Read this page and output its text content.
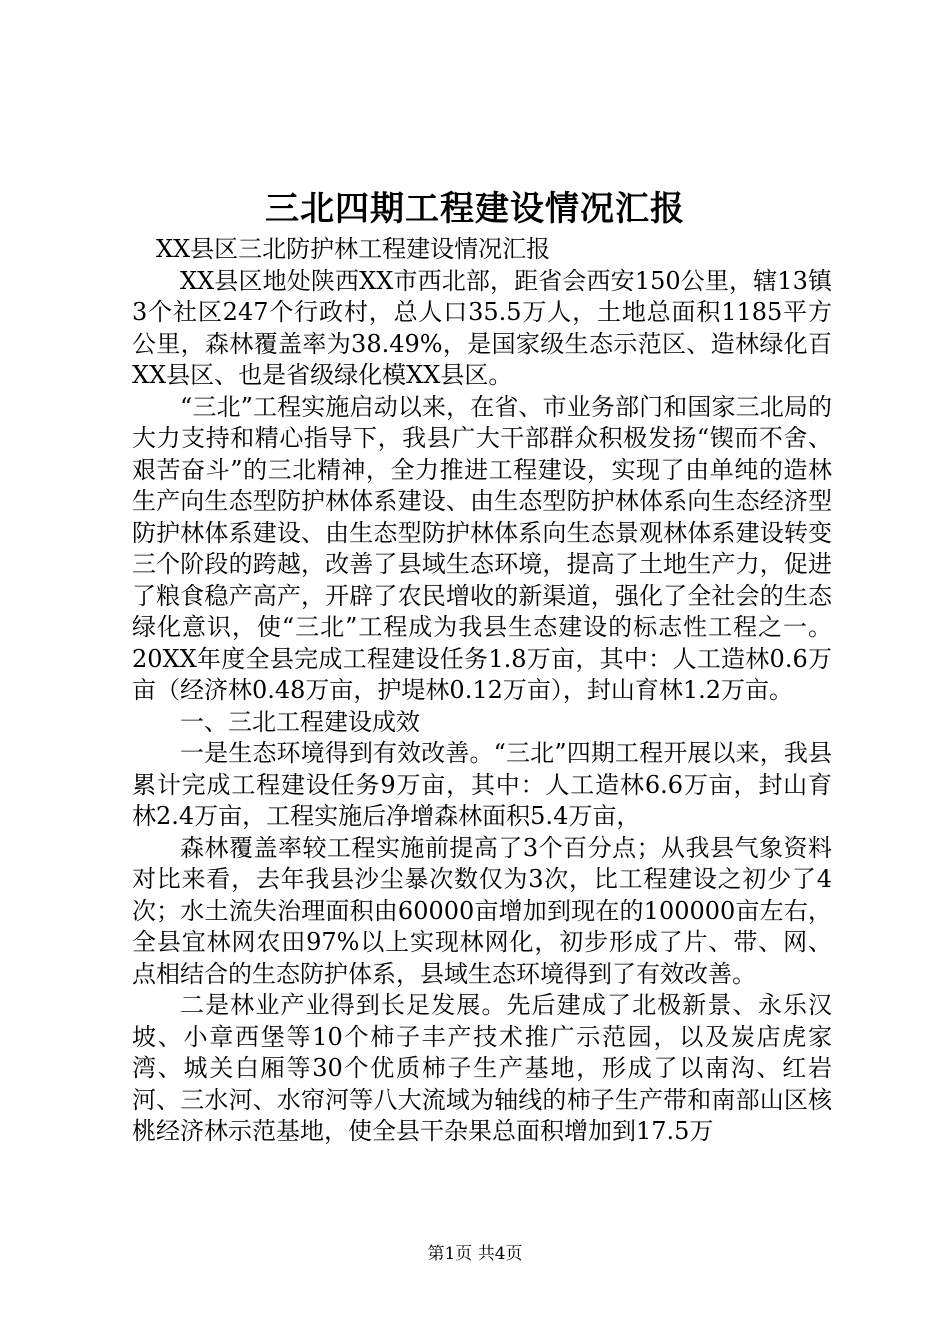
三北四期工程建设情况汇报

XX县区三北防护林工程建设情况汇报

XX县区地处陕西XX市西北部，距省会西安150公里，辖13镇3个社区247个行政村，总人口35.5万人，土地总面积1185平方公里，森林覆盖率为38.49%，是国家级生态示范区、造林绿化百XX县区、也是省级绿化模XX县区。

“三北”工程实施启动以来，在省、市业务部门和国家三北局的大力支持和精心指导下，我县广大干部群众积极发扬“锲而不舍、艰苦奋斗”的三北精神，全力推进工程建设，实现了由单纯的造林生产向生态型防护林体系建设、由生态型防护林体系向生态经济型防护林体系建设、由生态型防护林体系向生态景观林体系建设转变三个阶段的跨越，改善了县域生态环境，提高了土地生产力，促进了粮食稳产高产，开辟了农民增收的新渠道，强化了全社会的生态绿化意识，使“三北”工程成为我县生态建设的标志性工程之一。20XX年度全县完成工程建设任务1.8万亩，其中：人工造林0.6万亩（经济林0.48万亩，护堤林0.12万亩），封山育林1.2万亩。

一、三北工程建设成效

一是生态环境得到有效改善。“三北”四期工程开展以来，我县累计完成工程建设任务9万亩，其中：人工造林6.6万亩，封山育林2.4万亩，工程实施后净增森林面积5.4万亩，

森林覆盖率较工程实施前提高了3个百分点；从我县气象资料对比来看，去年我县沙尘暴次数仅为3次，比工程建设之初少了4次；水土流失治理面积由60000亩增加到现在的100000亩左右，全县宜林网农田97%以上实现林网化，初步形成了片、带、网、点相结合的生态防护体系，县域生态环境得到了有效改善。

二是林业产业得到长足发展。先后建成了北极新景、永乐汉坡、小章西堡等10个柿子丰产技术推广示范园，以及炭店虎家湾、城关白厢等30个优质柿子生产基地，形成了以南沟、红岩河、三水河、水帘河等八大流域为轴线的柿子生产带和南部山区核桃经济林示范基地，使全县干杂果总面积增加到17.5万

第1页 共4页
